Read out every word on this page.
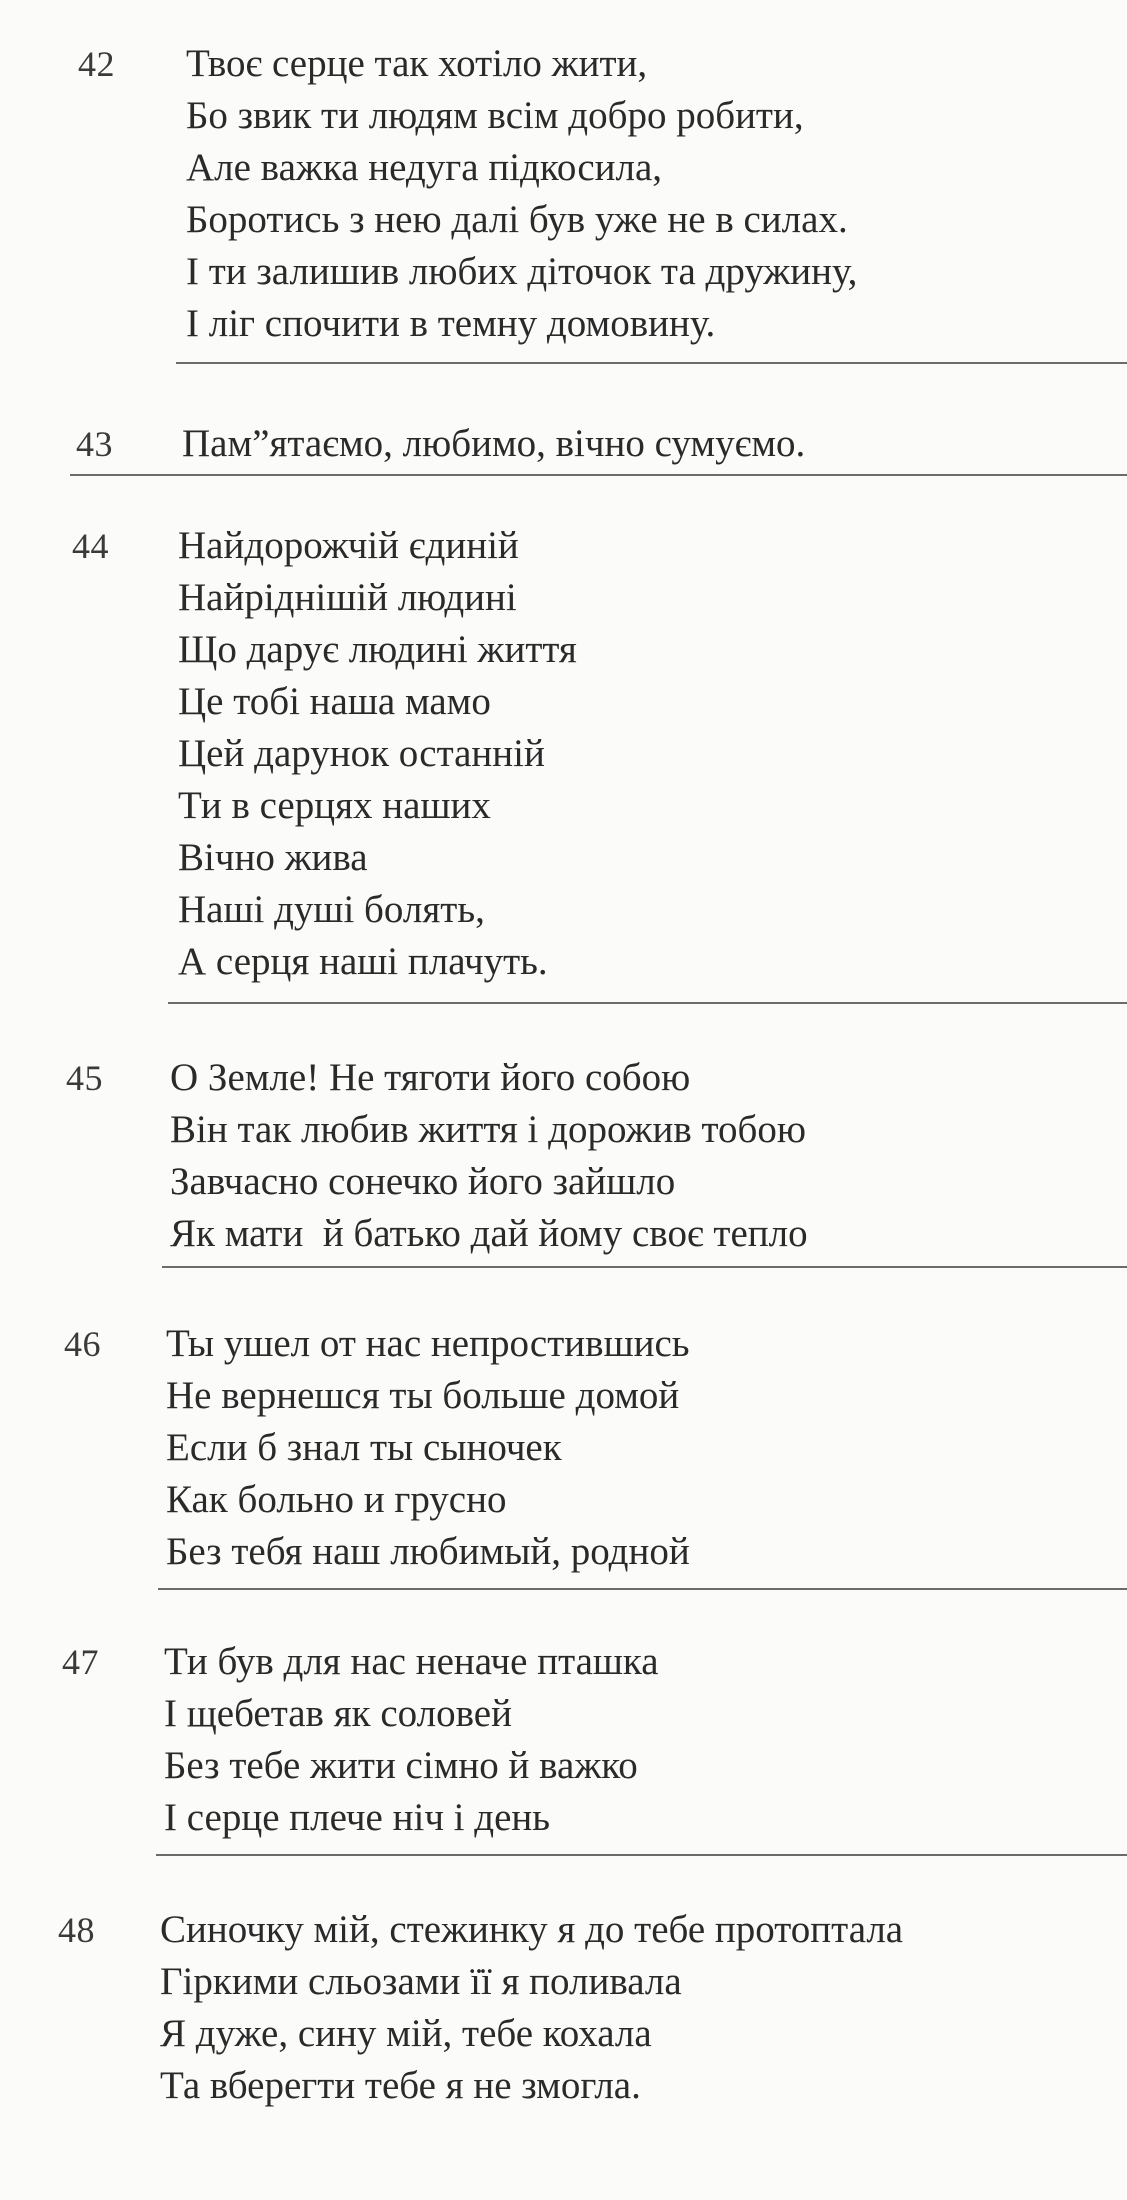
42 Твоє серце так хотіло жити,
Бо звик ти людям всім добро робити,
Але важка недуга підкосила,
Боротись з нею далі був уже не в силах.
І ти залишив любих діточок та дружину,
І ліг спочити в темну домовину.
43 Пам”ятаємо, любимо, вічно сумуємо.
44 Найдорожчій єдиній
Найріднішій людині
Що дарує людині життя
Це тобі наша мамо
Цей дарунок останній
Ти в серцях наших
Вічно жива
Наші душі болять,
А серця наші плачуть.
45 О Земле! Не тяготи його собою
Він так любив життя і дорожив тобою
Завчасно сонечко його зайшло
Як мати  й батько дай йому своє тепло
46 Ты ушел от нас непростившись
Не вернешся ты больше домой
Если б знал ты сыночек
Как больно и грусно
Без тебя наш любимый, родной
47 Ти був для нас неначе пташка
І щебетав як соловей
Без тебе жити сімно й важко
І серце плече ніч і день
48 Синочку мій, стежинку я до тебе протоптала
Гіркими сльозами її я поливала
Я дуже, сину мій, тебе кохала
Та вберегти тебе я не змогла.
